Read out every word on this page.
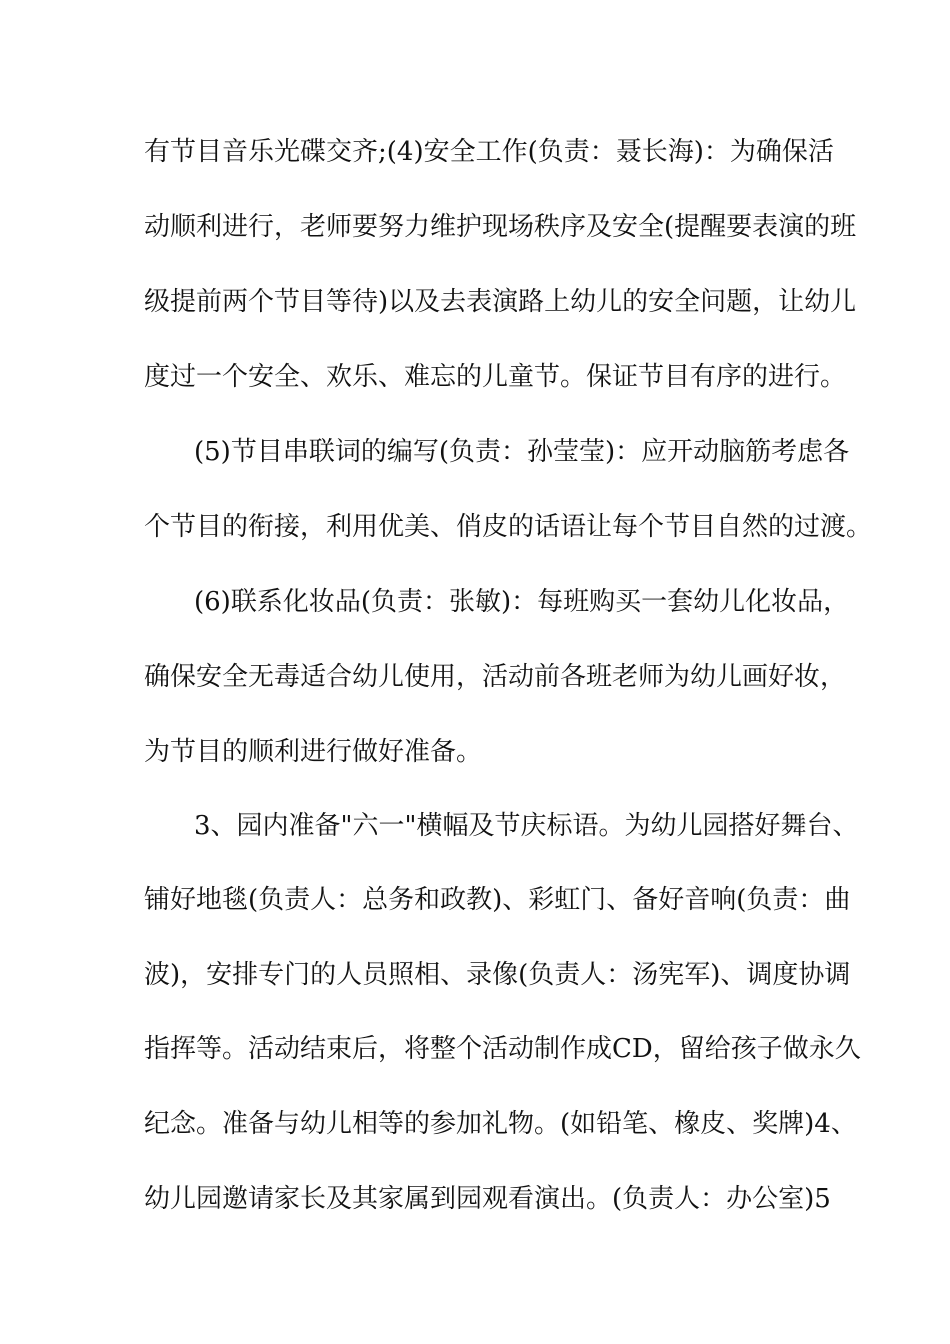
有节目音乐光碟交齐;(4)安全工作(负责：聂长海)：为确保活
动顺利进行，老师要努力维护现场秩序及安全(提醒要表演的班
级提前两个节目等待)以及去表演路上幼儿的安全问题，让幼儿
度过一个安全、欢乐、难忘的儿童节。保证节目有序的进行。
(5)节目串联词的编写(负责：孙莹莹)：应开动脑筋考虑各
个节目的衔接，利用优美、俏皮的话语让每个节目自然的过渡。
(6)联系化妆品(负责：张敏)：每班购买一套幼儿化妆品，
确保安全无毒适合幼儿使用，活动前各班老师为幼儿画好妆，
为节目的顺利进行做好准备。
3、园内准备"六一"横幅及节庆标语。为幼儿园搭好舞台、
铺好地毯(负责人：总务和政教)、彩虹门、备好音响(负责：曲
波)，安排专门的人员照相、录像(负责人：汤宪军)、调度协调
指挥等。活动结束后，将整个活动制作成CD，留给孩子做永久
纪念。准备与幼儿相等的参加礼物。(如铅笔、橡皮、奖牌)4、
幼儿园邀请家长及其家属到园观看演出。(负责人：办公室)5
